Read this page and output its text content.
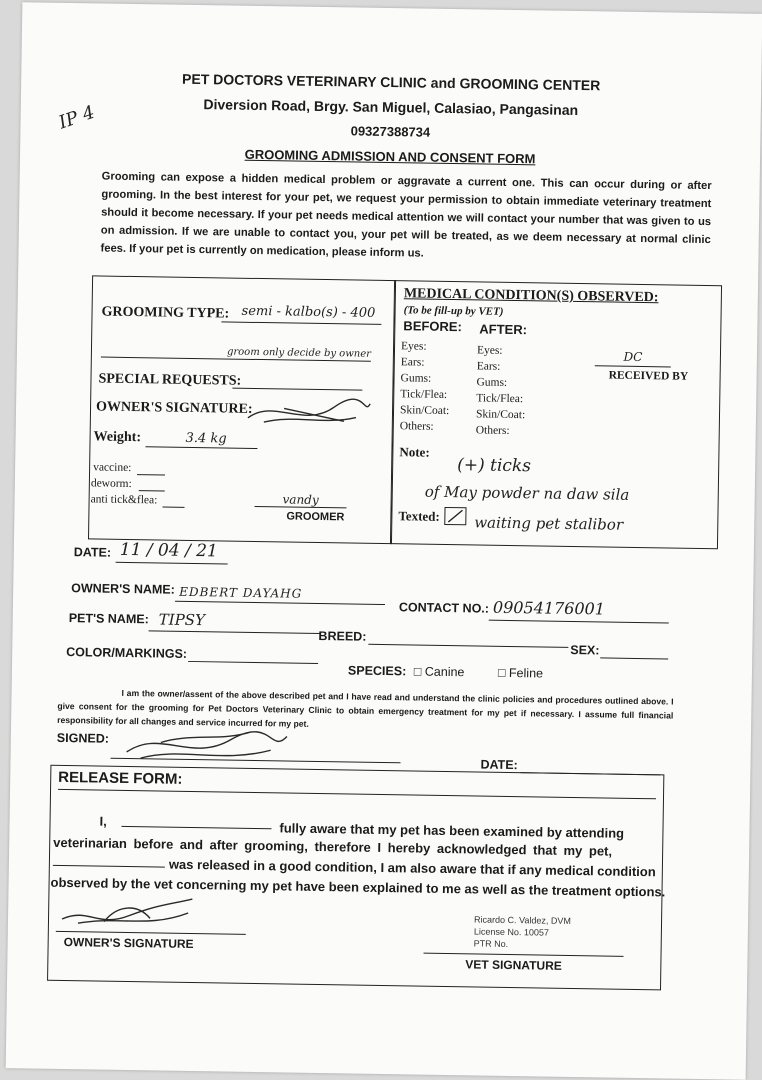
IP 4
PET DOCTORS VETERINARY CLINIC and GROOMING CENTER
Diversion Road, Brgy. San Miguel, Calasiao, Pangasinan
09327388734
GROOMING ADMISSION AND CONSENT FORM
Grooming can expose a hidden medical problem or aggravate a current one. This can occur during or after grooming. In the best interest for your pet, we request your permission to obtain immediate veterinary treatment should it become necessary. If your pet needs medical attention we will contact your number that was given to us on admission. If we are unable to contact you, your pet will be treated, as we deem necessary at normal clinic fees. If your pet is currently on medication, please inform us.
GROOMING TYPE: semi - kalbo(s) - 400
groom only decide by owner
SPECIAL REQUESTS:
OWNER'S SIGNATURE:
Weight:	3.4 kg
vaccine:
deworm:
anti tick&flea:	vandy
GROOMER
MEDICAL CONDITION(S) OBSERVED:
(To be fill-up by VET)
BEFORE: AFTER:
Eyes:
Ears:
Gums:
Tick/Flea:
Skin/Coat:
Others:
Eyes:
Ears:
Gums:
Tick/Flea:
Skin/Coat:
Others:
DC
RECEIVED BY
Note:
(+) ticks
of May powder na daw sila
Texted: waiting pet stalibor
DATE: 11 / 04 / 21
OWNER'S NAME: EDBERT DAYAHG
CONTACT NO.: 09054176001
PET'S NAME: TIPSY
BREED:
SEX:
COLOR/MARKINGS:
SPECIES: □ Canine	□ Feline
I am the owner/assent of the above described pet and I have read and understand the clinic policies and procedures outlined above. I give consent for the grooming for Pet Doctors Veterinary Clinic to obtain emergency treatment for my pet if necessary. I assume full financial responsibility for all changes and service incurred for my pet.
SIGNED:
DATE:
RELEASE FORM:
I,	fully aware that my pet has been examined by attending
veterinarian before and after grooming, therefore I hereby acknowledged that my pet,
was released in a good condition, I am also aware that if any medical condition
observed by the vet concerning my pet have been explained to me as well as the treatment options.
OWNER'S SIGNATURE
Ricardo C. Valdez, DVM
License No. 10057
PTR No.
VET SIGNATURE
